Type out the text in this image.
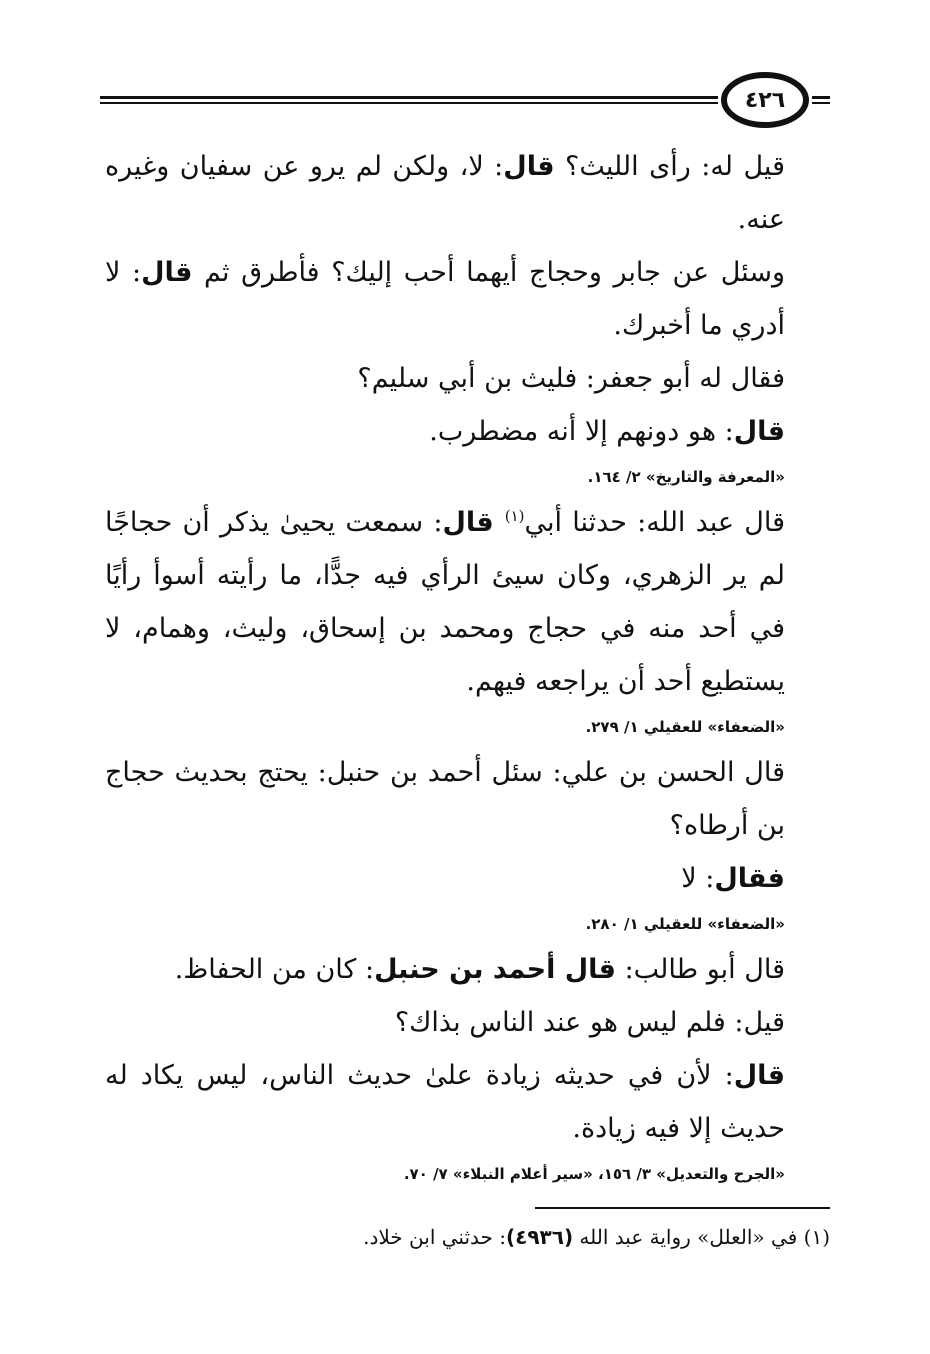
٤٢٦

قيل له: رأى الليث؟ قال: لا، ولكن لم يرو عن سفيان وغيره عنه.

وسئل عن جابر وحجاج أيهما أحب إليك؟ فأطرق ثم قال: لا أدري ما أخبرك.

فقال له أبو جعفر: فليث بن أبي سليم؟

قال: هو دونهم إلا أنه مضطرب.

«المعرفة والتاريخ» ٢/ ١٦٤.

قال عبد الله: حدثنا أبي$^{(١)}$ قال: سمعت يحيىٰ يذكر أن حجاجًا لم ير الزهري، وكان سيئ الرأي فيه جدًّا، ما رأيته أسوأ رأيًا في أحد منه في حجاج ومحمد بن إسحاق، وليث، وهمام، لا يستطيع أحد أن يراجعه فيهم.

«الضعفاء» للعقيلي ١/ ٢٧٩.

قال الحسن بن علي: سئل أحمد بن حنبل: يحتج بحديث حجاج بن أرطاه؟

فقال: لا

«الضعفاء» للعقيلي ١/ ٢٨٠.

قال أبو طالب: قال أحمد بن حنبل: كان من الحفاظ.

قيل: فلم ليس هو عند الناس بذاك؟

قال: لأن في حديثه زيادة علىٰ حديث الناس، ليس يكاد له حديث إلا فيه زيادة.

«الجرح والتعديل» ٣/ ١٥٦، «سير أعلام النبلاء» ٧/ ٧٠.

(١) في «العلل» رواية عبد الله (٤٩٣٦): حدثني ابن خلاد.
